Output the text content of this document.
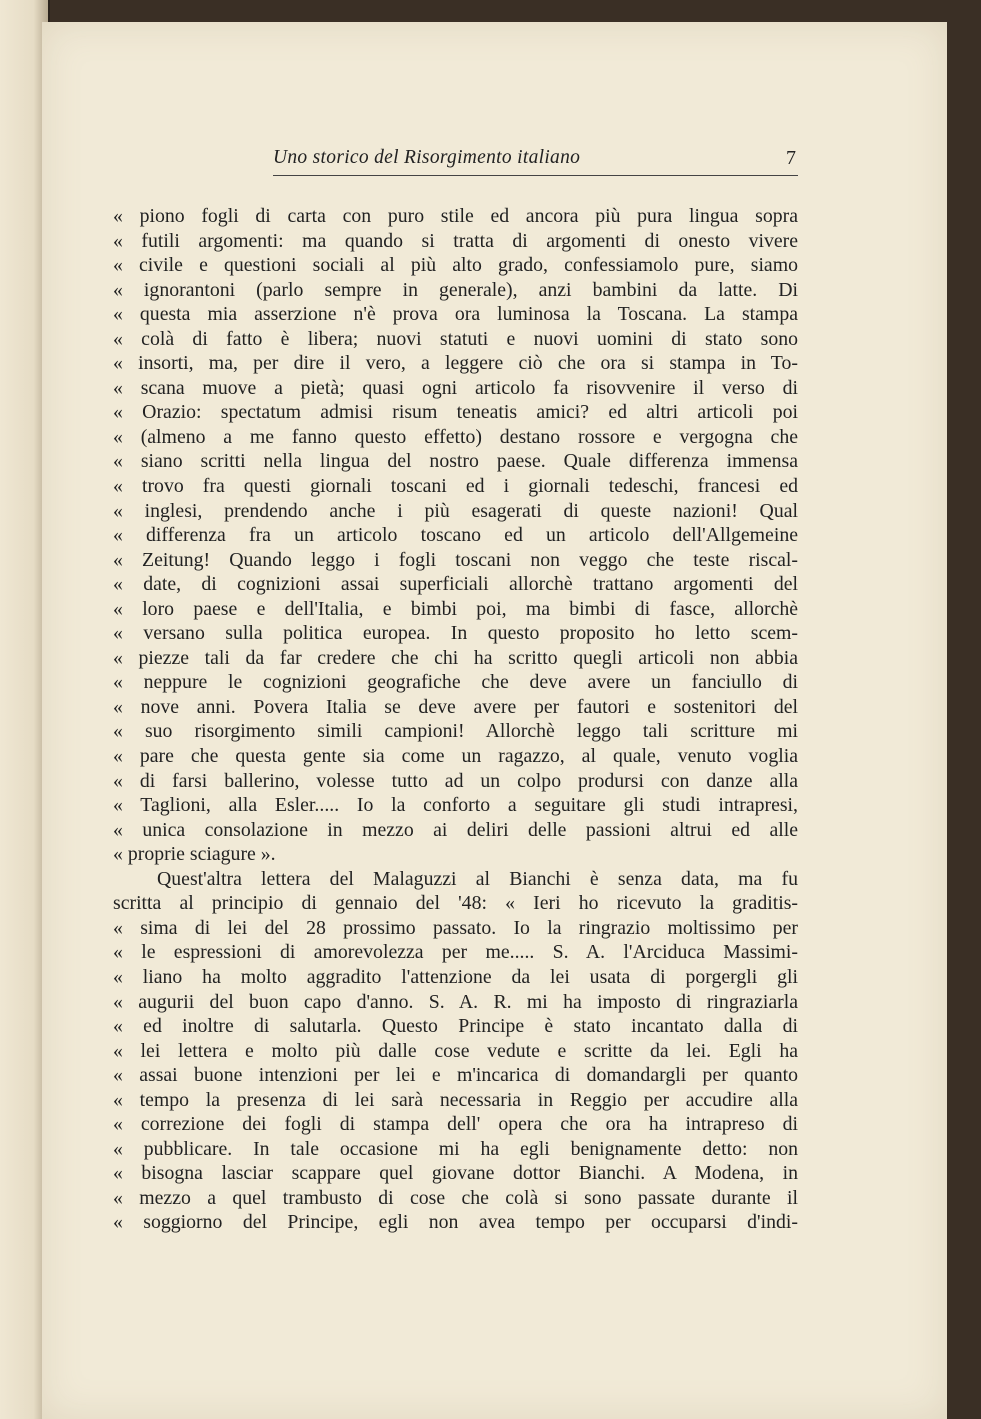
Uno storico del Risorgimento italiano	7
« piono fogli di carta con puro stile ed ancora più pura lingua sopra
« futili argomenti: ma quando si tratta di argomenti di onesto vivere
« civile e questioni sociali al più alto grado, confessiamolo pure, siamo
« ignorantoni (parlo sempre in generale), anzi bambini da latte. Di
« questa mia asserzione n'è prova ora luminosa la Toscana. La stampa
« colà di fatto è libera; nuovi statuti e nuovi uomini di stato sono
« insorti, ma, per dire il vero, a leggere ciò che ora si stampa in To-
« scana muove a pietà; quasi ogni articolo fa risovvenire il verso di
« Orazio: spectatum admisi risum teneatis amici? ed altri articoli poi
« (almeno a me fanno questo effetto) destano rossore e vergogna che
« siano scritti nella lingua del nostro paese. Quale differenza immensa
« trovo fra questi giornali toscani ed i giornali tedeschi, francesi ed
« inglesi, prendendo anche i più esagerati di queste nazioni! Qual
« differenza fra un articolo toscano ed un articolo dell'Allgemeine
« Zeitung! Quando leggo i fogli toscani non veggo che teste riscal-
« date, di cognizioni assai superficiali allorchè trattano argomenti del
« loro paese e dell'Italia, e bimbi poi, ma bimbi di fasce, allorchè
« versano sulla politica europea. In questo proposito ho letto scem-
« piezze tali da far credere che chi ha scritto quegli articoli non abbia
« neppure le cognizioni geografiche che deve avere un fanciullo di
« nove anni. Povera Italia se deve avere per fautori e sostenitori del
« suo risorgimento simili campioni! Allorchè leggo tali scritture mi
« pare che questa gente sia come un ragazzo, al quale, venuto voglia
« di farsi ballerino, volesse tutto ad un colpo prodursi con danze alla
« Taglioni, alla Esler..... Io la conforto a seguitare gli studi intrapresi,
« unica consolazione in mezzo ai deliri delle passioni altrui ed alle
« proprie sciagure ».
Quest'altra lettera del Malaguzzi al Bianchi è senza data, ma fu
scritta al principio di gennaio del '48: « Ieri ho ricevuto la graditis-
« sima di lei del 28 prossimo passato. Io la ringrazio moltissimo per
« le espressioni di amorevolezza per me..... S. A. l'Arciduca Massimi-
« liano ha molto aggradito l'attenzione da lei usata di porgergli gli
« augurii del buon capo d'anno. S. A. R. mi ha imposto di ringraziarla
« ed inoltre di salutarla. Questo Principe è stato incantato dalla di
« lei lettera e molto più dalle cose vedute e scritte da lei. Egli ha
« assai buone intenzioni per lei e m'incarica di domandargli per quanto
« tempo la presenza di lei sarà necessaria in Reggio per accudire alla
« correzione dei fogli di stampa dell' opera che ora ha intrapreso di
« pubblicare. In tale occasione mi ha egli benignamente detto: non
« bisogna lasciar scappare quel giovane dottor Bianchi. A Modena, in
« mezzo a quel trambusto di cose che colà si sono passate durante il
« soggiorno del Principe, egli non avea tempo per occuparsi d'indi-
